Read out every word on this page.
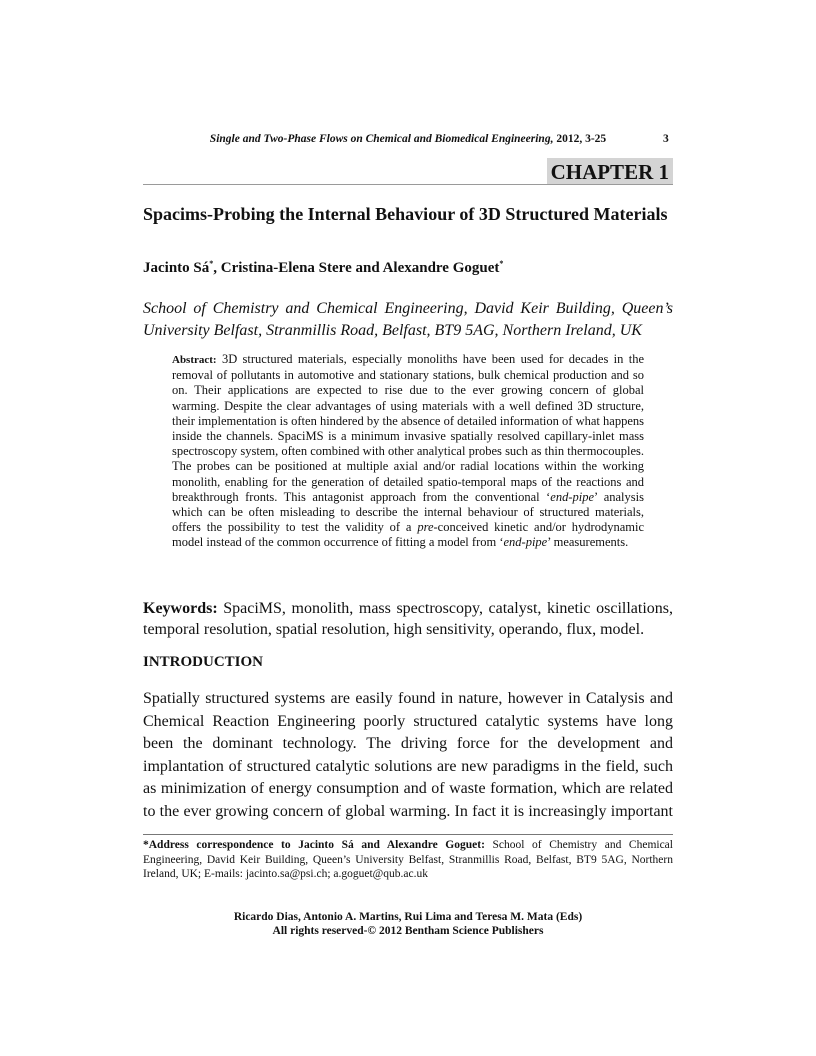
Single and Two-Phase Flows on Chemical and Biomedical Engineering, 2012, 3-25	3
CHAPTER 1
Spacims-Probing the Internal Behaviour of 3D Structured Materials

Jacinto Sá*, Cristina-Elena Stere and Alexandre Goguet*

School of Chemistry and Chemical Engineering, David Keir Building, Queen’s University Belfast, Stranmillis Road, Belfast, BT9 5AG, Northern Ireland, UK

Abstract: 3D structured materials, especially monoliths have been used for decades in the removal of pollutants in automotive and stationary stations, bulk chemical production and so on. Their applications are expected to rise due to the ever growing concern of global warming. Despite the clear advantages of using materials with a well defined 3D structure, their implementation is often hindered by the absence of detailed information of what happens inside the channels. SpaciMS is a minimum invasive spatially resolved capillary-inlet mass spectroscopy system, often combined with other analytical probes such as thin thermocouples. The probes can be positioned at multiple axial and/or radial locations within the working monolith, enabling for the generation of detailed spatio-temporal maps of the reactions and breakthrough fronts. This antagonist approach from the conventional ‘end-pipe’ analysis which can be often misleading to describe the internal behaviour of structured materials, offers the possibility to test the validity of a pre-conceived kinetic and/or hydrodynamic model instead of the common occurrence of fitting a model from ‘end-pipe’ measurements.

Keywords: SpaciMS, monolith, mass spectroscopy, catalyst, kinetic oscillations, temporal resolution, spatial resolution, high sensitivity, operando, flux, model.

INTRODUCTION

Spatially structured systems are easily found in nature, however in Catalysis and Chemical Reaction Engineering poorly structured catalytic systems have long been the dominant technology. The driving force for the development and implantation of structured catalytic solutions are new paradigms in the field, such as minimization of energy consumption and of waste formation, which are related to the ever growing concern of global warming. In fact it is increasingly important

*Address correspondence to Jacinto Sá and Alexandre Goguet: School of Chemistry and Chemical Engineering, David Keir Building, Queen’s University Belfast, Stranmillis Road, Belfast, BT9 5AG, Northern Ireland, UK; E-mails: jacinto.sa@psi.ch; a.goguet@qub.ac.uk

Ricardo Dias, Antonio A. Martins, Rui Lima and Teresa M. Mata (Eds)
All rights reserved-© 2012 Bentham Science Publishers
